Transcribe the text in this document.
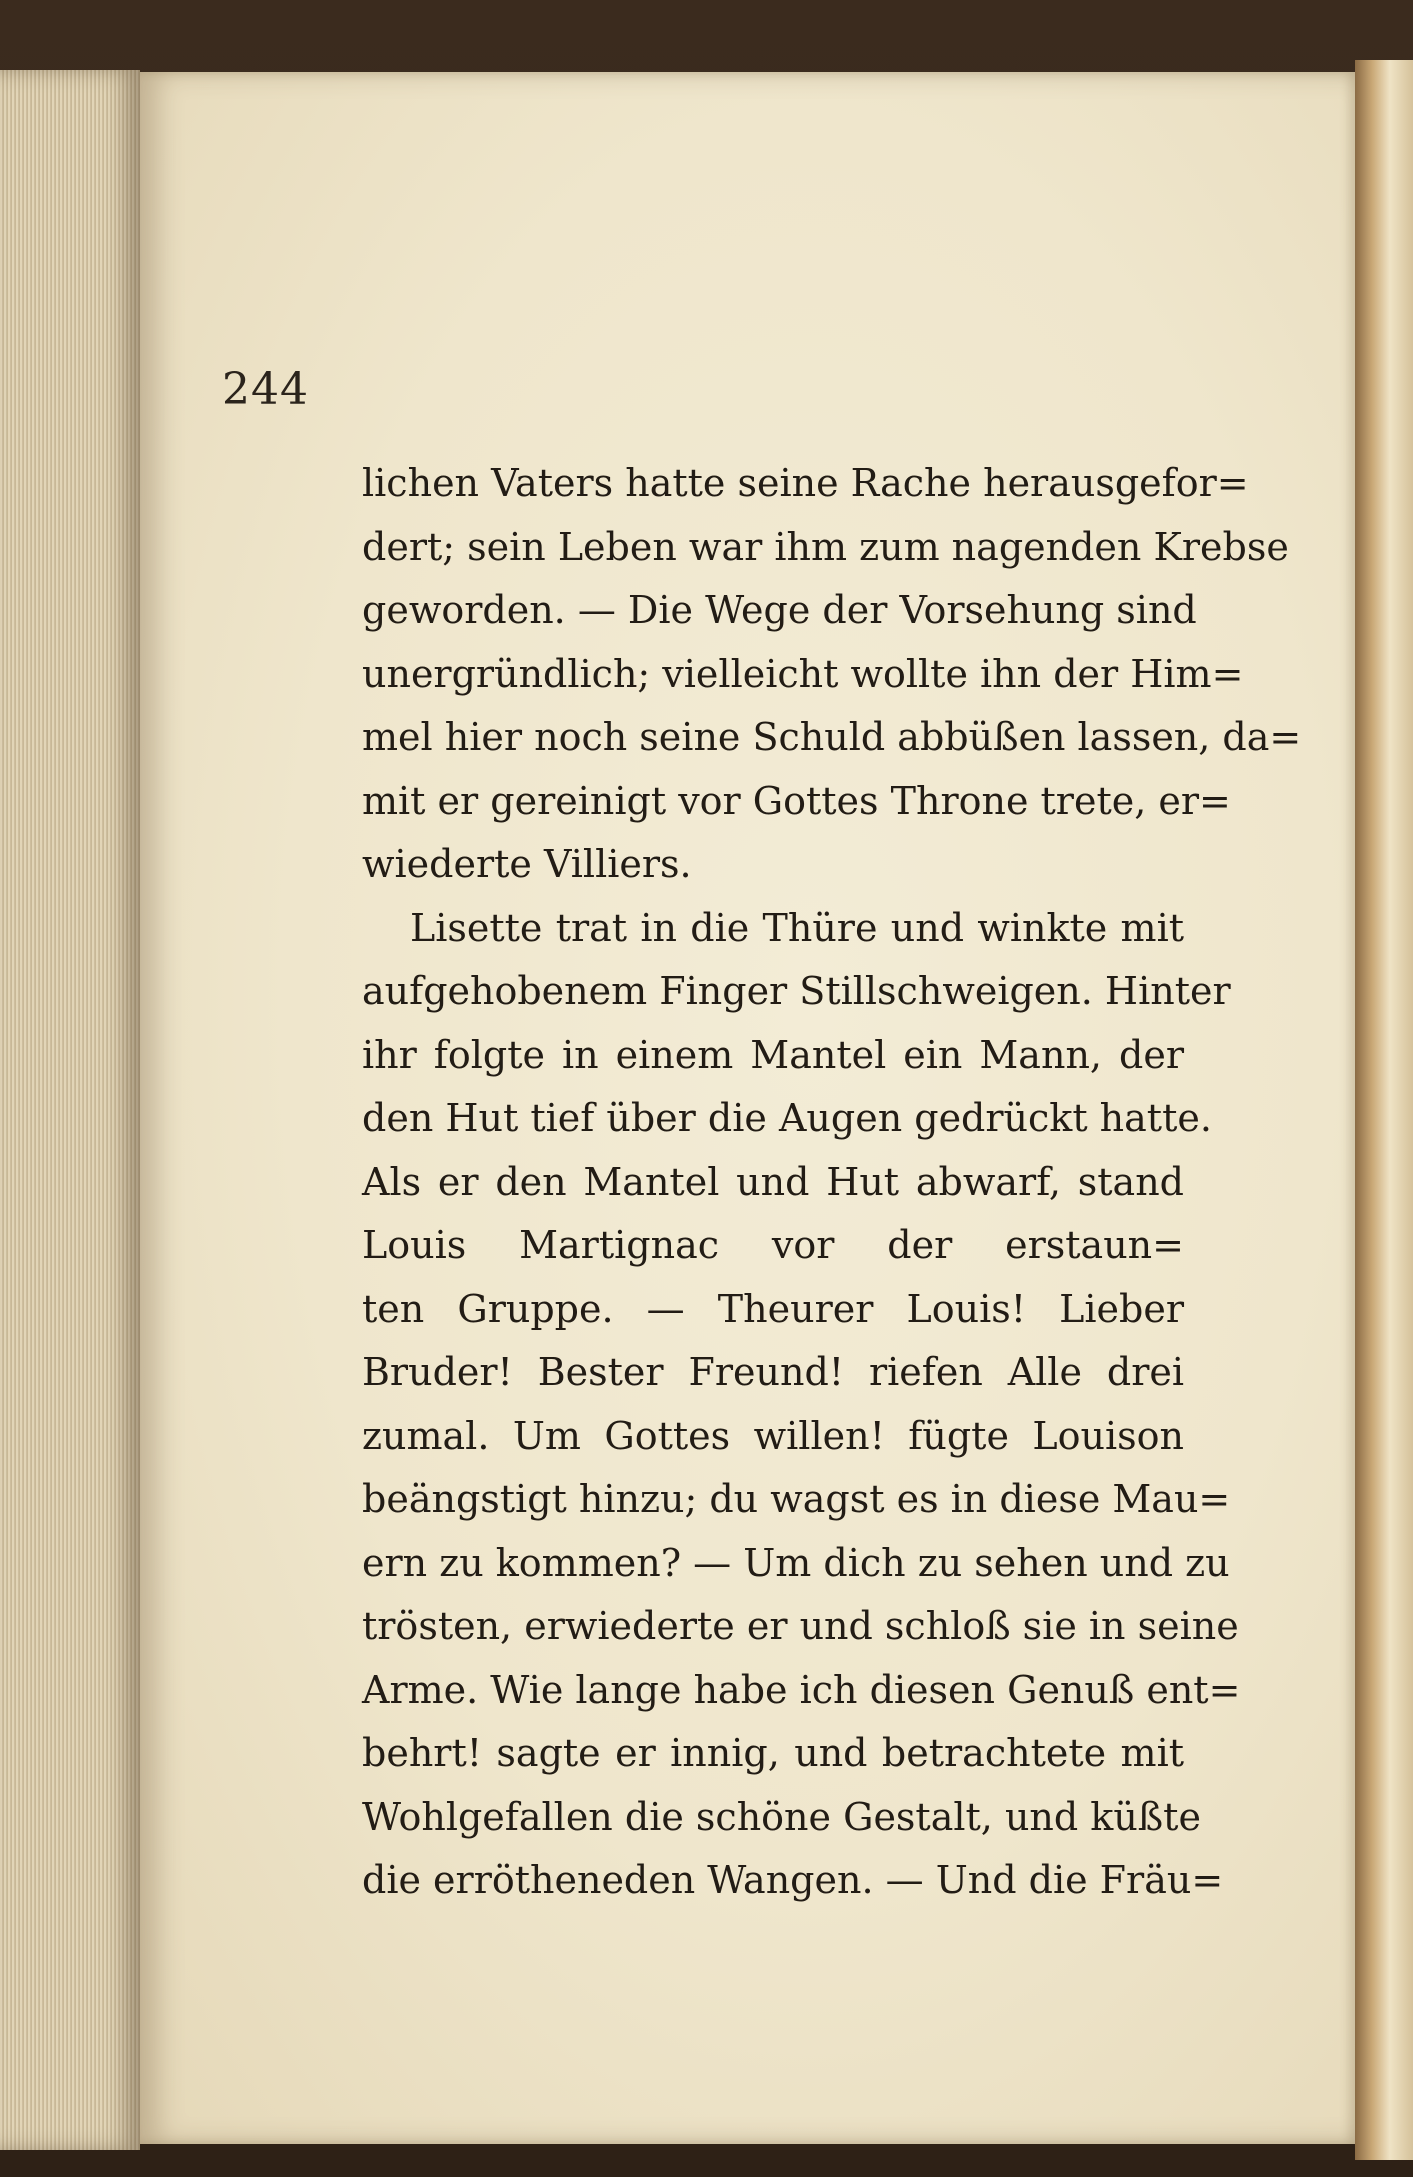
244
lichen Vaters hatte seine Rache herausgefor=
dert; sein Leben war ihm zum nagenden Krebse
geworden. — Die Wege der Vorsehung sind
unergründlich; vielleicht wollte ihn der Him=
mel hier noch seine Schuld abbüßen lassen, da=
mit er gereinigt vor Gottes Throne trete, er=
wiederte Villiers.
Lisette trat in die Thüre und winkte mit
aufgehobenem Finger Stillschweigen. Hinter
ihr folgte in einem Mantel ein Mann, der
den Hut tief über die Augen gedrückt hatte.
Als er den Mantel und Hut abwarf, stand
Louis Martignac vor der erstaun=
ten Gruppe. — Theurer Louis! Lieber
Bruder! Bester Freund! riefen Alle drei
zumal. Um Gottes willen! fügte Louison
beängstigt hinzu; du wagst es in diese Mau=
ern zu kommen? — Um dich zu sehen und zu
trösten, erwiederte er und schloß sie in seine
Arme. Wie lange habe ich diesen Genuß ent=
behrt! sagte er innig, und betrachtete mit
Wohlgefallen die schöne Gestalt, und küßte
die errötheneden Wangen. — Und die Fräu=
